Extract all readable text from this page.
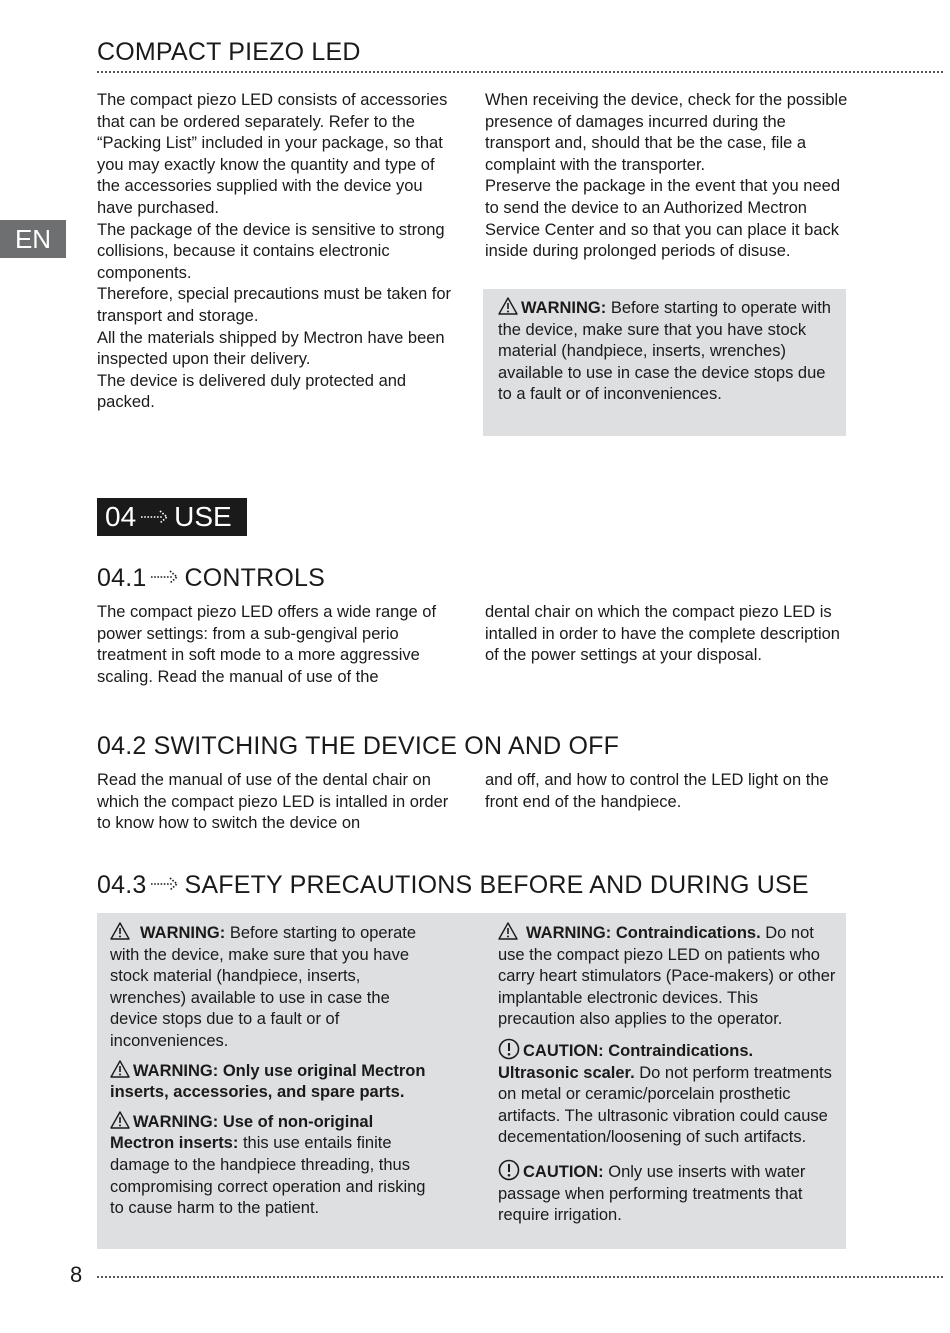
COMPACT PIEZO LED
EN

The compact piezo LED consists of accessories that can be ordered separately. Refer to the “Packing List” included in your package, so that you may exactly know the quantity and type of the accessories supplied with the device you have purchased.

The package of the device is sensitive to strong collisions, because it contains electronic components.

Therefore, special precautions must be taken for transport and storage.

All the materials shipped by Mectron have been inspected upon their delivery.

The device is delivered duly protected and packed.

When receiving the device, check for the possible presence of damages incurred during the transport and, should that be the case, file a complaint with the transporter.

Preserve the package in the event that you need to send the device to an Authorized Mectron Service Center and so that you can place it back inside during prolonged periods of disuse.

WARNING: Before starting to operate with the device, make sure that you have stock material (handpiece, inserts, wrenches) available to use in case the device stops due to a fault or of inconveniences.
04 USE
04.1 CONTROLS
The compact piezo LED offers a wide range of power settings: from a sub-gengival perio treatment in soft mode to a more aggressive scaling. Read the manual of use of the
dental chair on which the compact piezo LED is intalled in order to have the complete description of the power settings at your disposal.
04.2 SWITCHING THE DEVICE ON AND OFF
Read the manual of use of the dental chair on which the compact piezo LED is intalled in order to know how to switch the device on
and off, and how to control the LED light on the front end of the handpiece.
04.3 SAFETY PRECAUTIONS BEFORE AND DURING USE

WARNING: Before starting to operate with the device, make sure that you have stock material (handpiece, inserts, wrenches) available to use in case the device stops due to a fault or of inconveniences.

WARNING: Only use original Mectron inserts, accessories, and spare parts.

WARNING: Use of non-original Mectron inserts: this use entails finite damage to the handpiece threading, thus compromising correct operation and risking to cause harm to the patient.

WARNING: Contraindications. Do not use the compact piezo LED on patients who carry heart stimulators (Pace-makers) or other implantable electronic devices. This precaution also applies to the operator.

CAUTION: Contraindications. Ultrasonic scaler. Do not perform treatments on metal or ceramic/porcelain prosthetic artifacts. The ultrasonic vibration could cause decementation/loosening of such artifacts.

CAUTION: Only use inserts with water passage when performing treatments that require irrigation.

8
